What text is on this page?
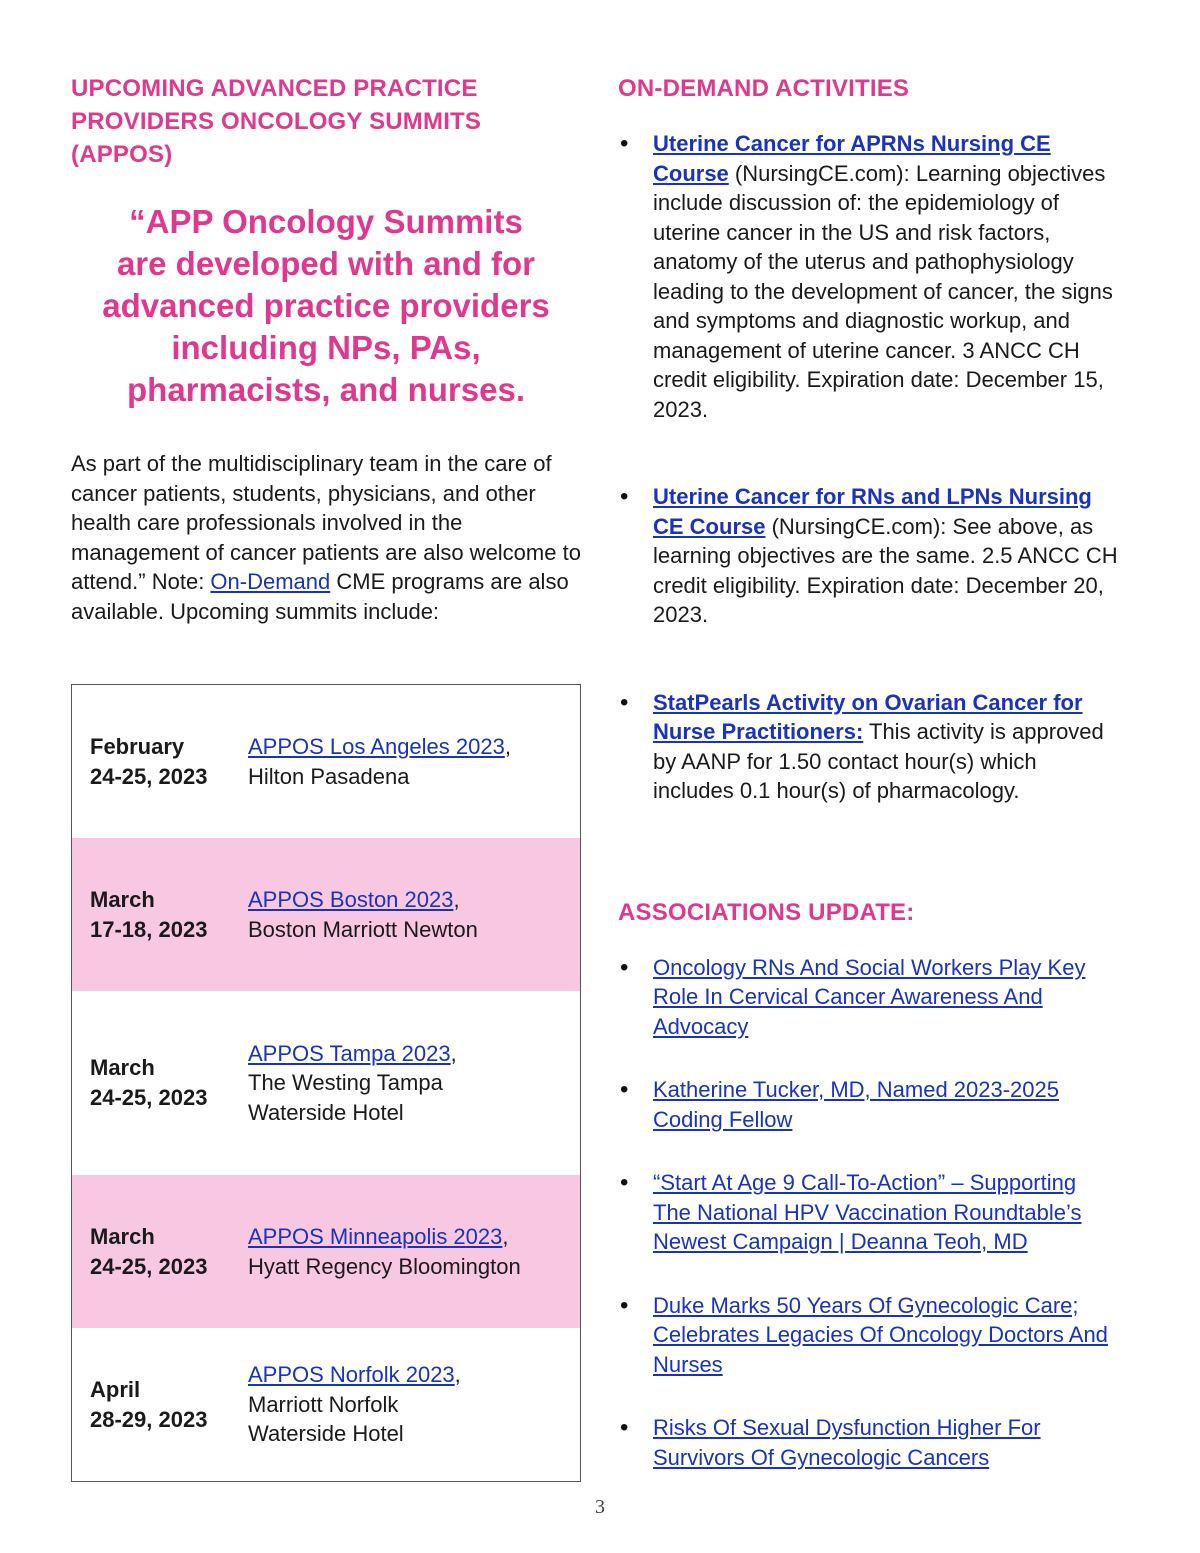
UPCOMING ADVANCED PRACTICE PROVIDERS ONCOLOGY SUMMITS (APPOS)
“APP Oncology Summits
are developed with and for
advanced practice providers
including NPs, PAs,
pharmacists, and nurses.

As part of the multidisciplinary team in the care of cancer patients, students, physicians, and other health care professionals involved in the management of cancer patients are also welcome to attend.” Note: On-Demand CME programs are also available. Upcoming summits include:

February
24-25, 2023
APPOS Los Angeles 2023,
Hilton Pasadena
March
17-18, 2023
APPOS Boston 2023,
Boston Marriott Newton
March
24-25, 2023
APPOS Tampa 2023,
The Westing Tampa
Waterside Hotel
March
24-25, 2023
APPOS Minneapolis 2023,
Hyatt Regency Bloomington
April
28-29, 2023
APPOS Norfolk 2023,
Marriott Norfolk
Waterside Hotel
ON-DEMAND ACTIVITIES
• Uterine Cancer for APRNs Nursing CE Course (NursingCE.com): Learning objectives include discussion of: the epidemiology of uterine cancer in the US and risk factors, anatomy of the uterus and pathophysiology leading to the development of cancer, the signs and symptoms and diagnostic workup, and management of uterine cancer. 3 ANCC CH credit eligibility. Expiration date: December 15, 2023.
• Uterine Cancer for RNs and LPNs Nursing CE Course (NursingCE.com): See above, as learning objectives are the same. 2.5 ANCC CH credit eligibility. Expiration date: December 20, 2023.
• StatPearls Activity on Ovarian Cancer for Nurse Practitioners: This activity is approved by AANP for 1.50 contact hour(s) which includes 0.1 hour(s) of pharmacology.
ASSOCIATIONS UPDATE:
• Oncology RNs And Social Workers Play Key Role In Cervical Cancer Awareness And Advocacy
• Katherine Tucker, MD, Named 2023-2025 Coding Fellow
• “Start At Age 9 Call-To-Action” – Supporting The National HPV Vaccination Roundtable’s Newest Campaign | Deanna Teoh, MD
• Duke Marks 50 Years Of Gynecologic Care; Celebrates Legacies Of Oncology Doctors And Nurses
• Risks Of Sexual Dysfunction Higher For Survivors Of Gynecologic Cancers
3
